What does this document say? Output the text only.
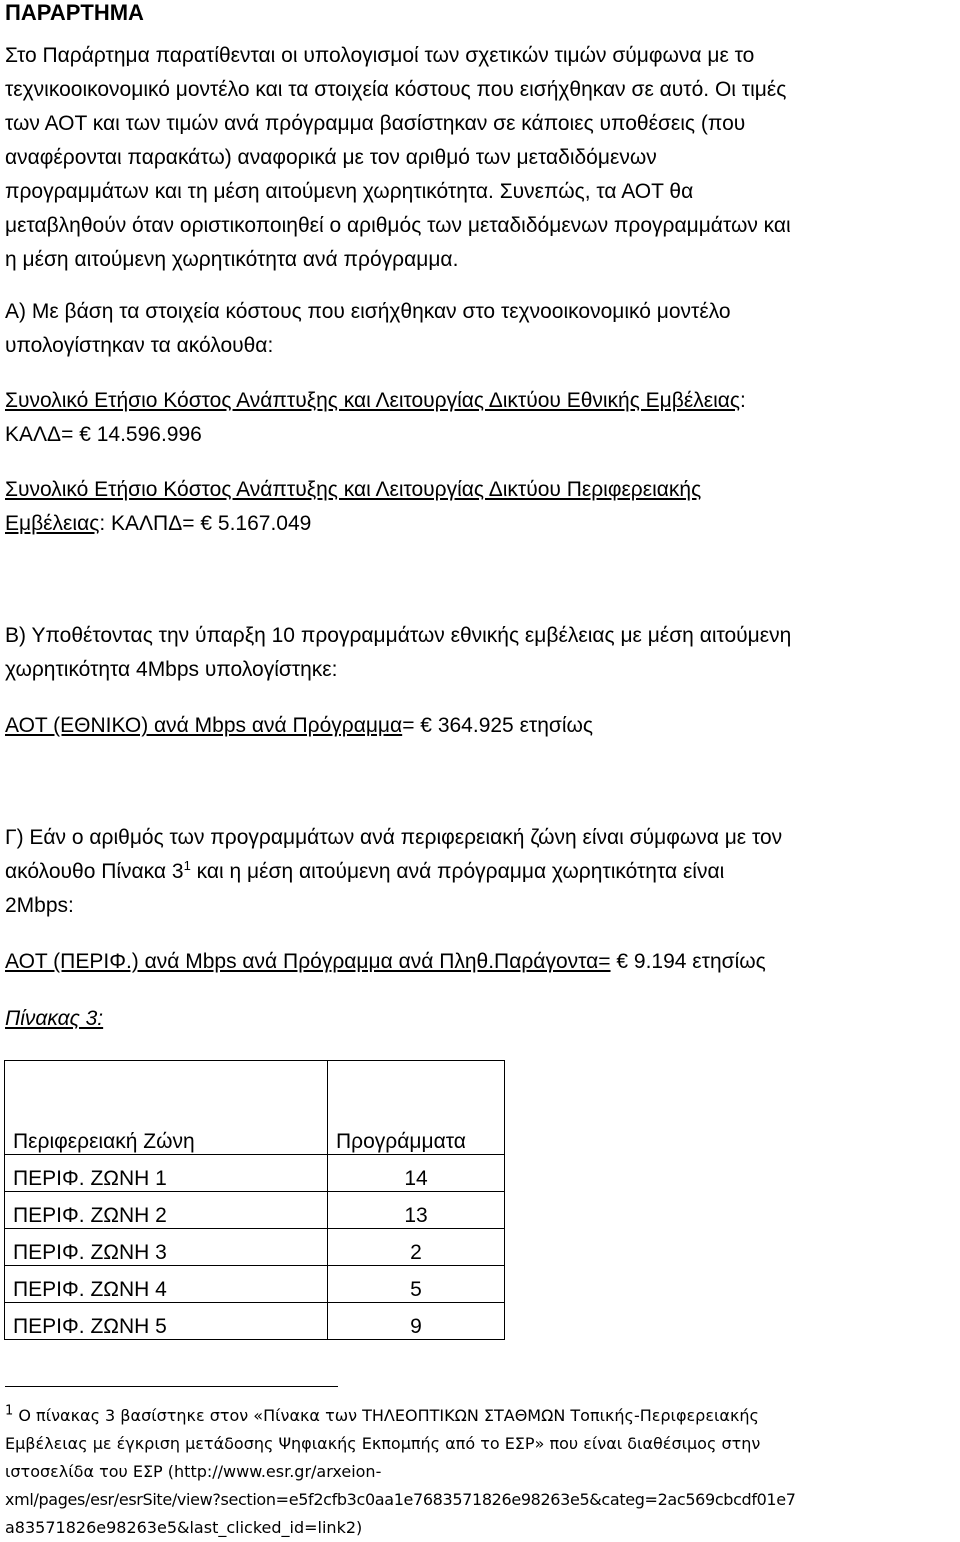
ΠΑΡΑΡΤΗΜΑ

Στο Παράρτημα παρατίθενται οι υπολογισμοί των σχετικών τιμών σύμφωνα με το

τεχνικοοικονομικό μοντέλο και τα στοιχεία κόστους που εισήχθηκαν σε αυτό. Οι τιμές

των ΑΟΤ και των τιμών ανά πρόγραμμα βασίστηκαν σε κάποιες υποθέσεις (που

αναφέρονται παρακάτω) αναφορικά με τον αριθμό των μεταδιδόμενων

προγραμμάτων και τη μέση αιτούμενη χωρητικότητα. Συνεπώς, τα ΑΟΤ θα

μεταβληθούν όταν οριστικοποιηθεί ο αριθμός των μεταδιδόμενων προγραμμάτων και

η μέση αιτούμενη χωρητικότητα ανά πρόγραμμα.

Α) Με βάση τα στοιχεία κόστους που εισήχθηκαν στο τεχνοοικονομικό μοντέλο

υπολογίστηκαν τα ακόλουθα:

Συνολικό Ετήσιο Κόστος Ανάπτυξης και Λειτουργίας Δικτύου Εθνικής Εμβέλειας:

ΚΑΛΔ= € 14.596.996

Συνολικό Ετήσιο Κόστος Ανάπτυξης και Λειτουργίας Δικτύου Περιφερειακής

Εμβέλειας: ΚΑΛΠΔ= € 5.167.049

Β) Υποθέτοντας την ύπαρξη 10 προγραμμάτων εθνικής εμβέλειας με μέση αιτούμενη

χωρητικότητα 4Mbps υπολογίστηκε:

ΑΟΤ (ΕΘΝΙΚΟ) ανά Mbps ανά Πρόγραμμα= € 364.925 ετησίως

Γ) Εάν ο αριθμός των προγραμμάτων ανά περιφερειακή ζώνη είναι σύμφωνα με τον

ακόλουθο Πίνακα $3^1$ και η μέση αιτούμενη ανά πρόγραμμα χωρητικότητα είναι

2Mbps:

ΑΟΤ (ΠΕΡΙΦ.) ανά Mbps ανά Πρόγραμμα ανά Πληθ.Παράγοντα= € 9.194 ετησίως

Πίνακας 3:

Περιφερειακή Ζώνη	Προγράμματα
ΠΕΡΙΦ. ΖΩΝΗ 1	14
ΠΕΡΙΦ. ΖΩΝΗ 2	13
ΠΕΡΙΦ. ΖΩΝΗ 3	2
ΠΕΡΙΦ. ΖΩΝΗ 4	5
ΠΕΡΙΦ. ΖΩΝΗ 5	9
$^1$ Ο πίνακας 3 βασίστηκε στον «Πίνακα των ΤΗΛΕΟΠΤΙΚΩΝ ΣΤΑΘΜΩΝ Τοπικής-Περιφερειακής
Εμβέλειας με έγκριση μετάδοσης Ψηφιακής Εκπομπής από το ΕΣΡ» που είναι διαθέσιμος στην
ιστοσελίδα του ΕΣΡ (http://www.esr.gr/arxeion-
xml/pages/esr/esrSite/view?section=e5f2cfb3c0aa1e7683571826e98263e5&categ=2ac569cbcdf01e7
a83571826e98263e5&last_clicked_id=link2)
